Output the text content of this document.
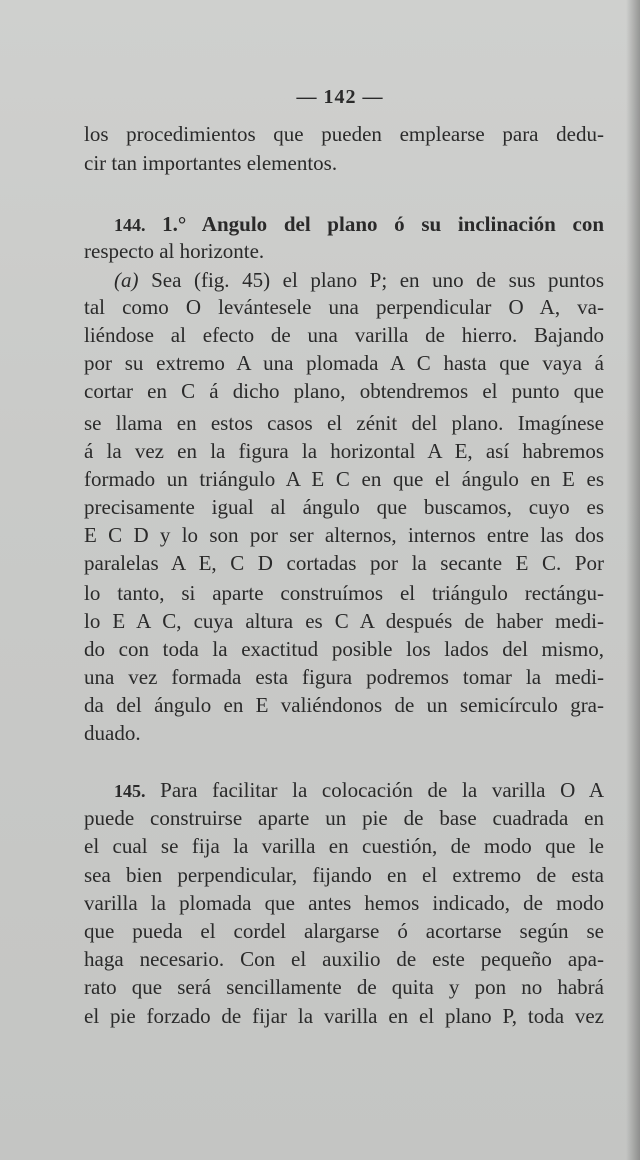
— 142 —
los procedimientos que pueden emplearse para dedu-
cir tan importantes elementos.
144. 1.° Angulo del plano ó su inclinación con
respecto al horizonte.
(a) Sea (fig. 45) el plano P; en uno de sus puntos
tal como O levántesele una perpendicular O A, va-
liéndose al efecto de una varilla de hierro. Bajando
por su extremo A una plomada A C hasta que vaya á
cortar en C á dicho plano, obtendremos el punto que
se llama en estos casos el zénit del plano. Imagínese
á la vez en la figura la horizontal A E, así habremos
formado un triángulo A E C en que el ángulo en E es
precisamente igual al ángulo que buscamos, cuyo es
E C D y lo son por ser alternos, internos entre las dos
paralelas A E, C D cortadas por la secante E C. Por
lo tanto, si aparte construímos el triángulo rectángu-
lo E A C, cuya altura es C A después de haber medi-
do con toda la exactitud posible los lados del mismo,
una vez formada esta figura podremos tomar la medi-
da del ángulo en E valiéndonos de un semicírculo gra-
duado.
145. Para facilitar la colocación de la varilla O A
puede construirse aparte un pie de base cuadrada en
el cual se fija la varilla en cuestión, de modo que le
sea bien perpendicular, fijando en el extremo de esta
varilla la plomada que antes hemos indicado, de modo
que pueda el cordel alargarse ó acortarse según se
haga necesario. Con el auxilio de este pequeño apa-
rato que será sencillamente de quita y pon no habrá
el pie forzado de fijar la varilla en el plano P, toda vez
